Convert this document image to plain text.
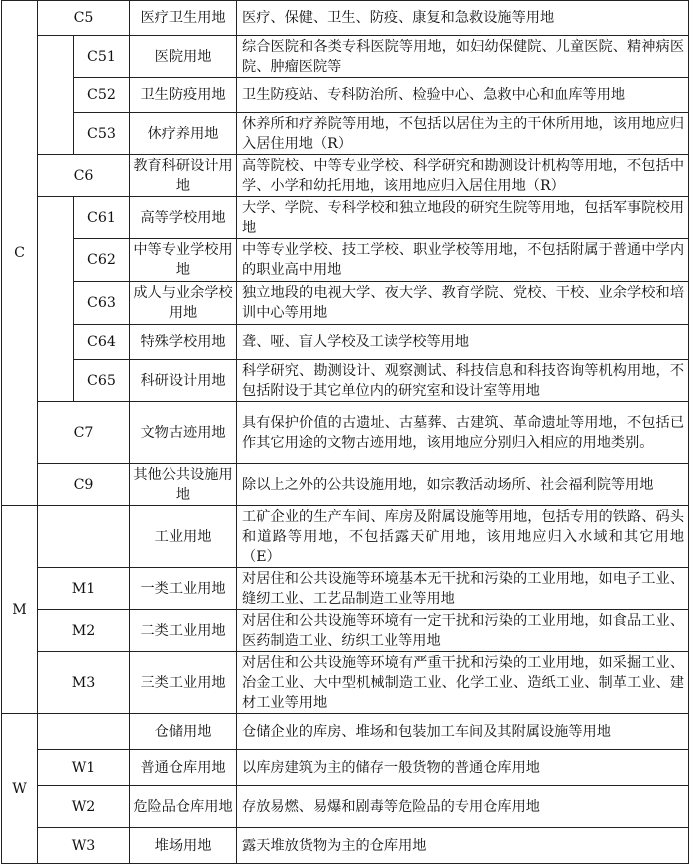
C	C5		医疗卫生用地	医疗、保健、卫生、防疫、康复和急救设施等用地
		C51	医院用地	综合医院和各类专科医院等用地，如妇幼保健院、儿童医院、精神病医院、肿瘤医院等
		C52	卫生防疫用地	卫生防疫站、专科防治所、检验中心、急救中心和血库等用地
		C53	休疗养用地	休养所和疗养院等用地，不包括以居住为主的干休所用地，该用地应归入居住用地（R）
	C6		教育科研设计用地	高等院校、中等专业学校、科学研究和勘测设计机构等用地，不包括中学、小学和幼托用地，该用地应归入居住用地（R）
		C61	高等学校用地	大学、学院、专科学校和独立地段的研究生院等用地，包括军事院校用地
		C62	中等专业学校用地	中等专业学校、技工学校、职业学校等用地，不包括附属于普通中学内的职业高中用地
		C63	成人与业余学校用地	独立地段的电视大学、夜大学、教育学院、党校、干校、业余学校和培训中心等用地
		C64	特殊学校用地	聋、哑、盲人学校及工读学校等用地
		C65	科研设计用地	科学研究、勘测设计、观察测试、科技信息和科技咨询等机构用地，不包括附设于其它单位内的研究室和设计室等用地
	C7		文物古迹用地	具有保护价值的古遗址、古墓葬、古建筑、革命遗址等用地，不包括已作其它用途的文物古迹用地，该用地应分别归入相应的用地类别。
	C9		其他公共设施用地	除以上之外的公共设施用地，如宗教活动场所、社会福利院等用地
M			工业用地	工矿企业的生产车间、库房及附属设施等用地，包括专用的铁路、码头和道路等用地，不包括露天矿用地，该用地应归入水域和其它用地（E）
	M1		一类工业用地	对居住和公共设施等环境基本无干扰和污染的工业用地，如电子工业、缝纫工业、工艺品制造工业等用地
	M2		二类工业用地	对居住和公共设施等环境有一定干扰和污染的工业用地，如食品工业、医药制造工业、纺织工业等用地
	M3		三类工业用地	对居住和公共设施等环境有严重干扰和污染的工业用地，如采掘工业、冶金工业、大中型机械制造工业、化学工业、造纸工业、制革工业、建材工业等用地
W			仓储用地	仓储企业的库房、堆场和包装加工车间及其附属设施等用地
	W1		普通仓库用地	以库房建筑为主的储存一般货物的普通仓库用地
	W2		危险品仓库用地	存放易燃、易爆和剧毒等危险品的专用仓库用地
	W3		堆场用地	露天堆放货物为主的仓库用地
